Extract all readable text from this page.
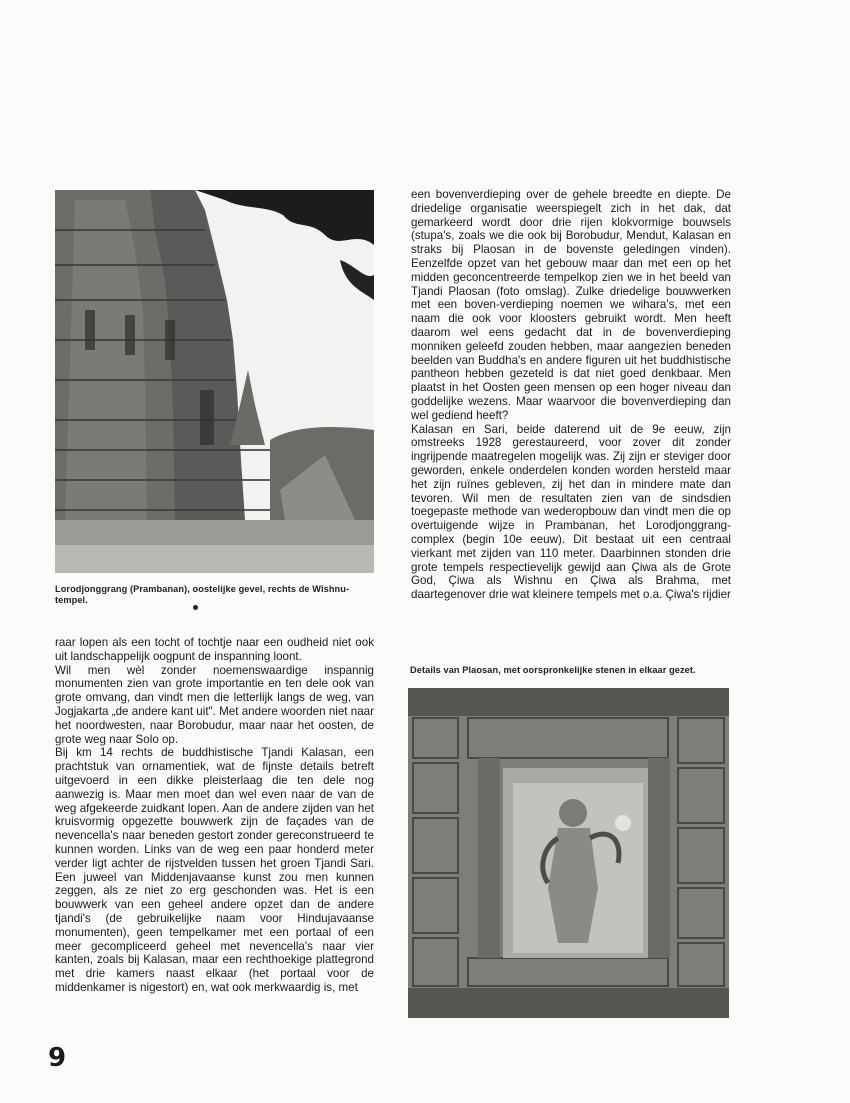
Lorodjonggrang (Prambanan), oostelijke gevel, rechts de Wishnu-tempel.

een bovenverdieping over de gehele breedte en diepte. De driedelige organisatie weerspiegelt zich in het dak, dat gemarkeerd wordt door drie rijen klokvormige bouwsels (stupa's, zoals we die ook bij Borobudur, Mendut, Kalasan en straks bij Plaosan in de bovenste geledingen vinden). Eenzelfde opzet van het gebouw maar dan met een op het midden geconcentreerde tempelkop zien we in het beeld van Tjandi Plaosan (foto omslag). Zulke driedelige bouwwerken met een boven-verdieping noemen we wihara's, met een naam die ook voor kloosters gebruikt wordt. Men heeft daarom wel eens gedacht dat in de bovenverdieping monniken geleefd zouden hebben, maar aangezien beneden beelden van Buddha's en andere figuren uit het buddhistische pantheon hebben gezeteld is dat niet goed denkbaar. Men plaatst in het Oosten geen mensen op een hoger niveau dan goddelijke wezens. Maar waarvoor die bovenverdieping dan wel gediend heeft?
Kalasan en Sari, beide daterend uit de 9e eeuw, zijn omstreeks 1928 gerestaureerd, voor zover dit zonder ingrijpende maatregelen mogelijk was. Zij zijn er steviger door geworden, enkele onderdelen konden worden hersteld maar het zijn ruïnes gebleven, zij het dan in mindere mate dan tevoren. Wil men de resultaten zien van de sindsdien toegepaste methode van wederopbouw dan vindt men die op overtuigende wijze in Prambanan, het Lorodjonggrang-complex (begin 10e eeuw). Dit bestaat uit een centraal vierkant met zijden van 110 meter. Daarbinnen stonden drie grote tempels respectievelijk gewijd aan Çiwa als de Grote God, Çiwa als Wishnu en Çiwa als Brahma, met daartegenover drie wat kleinere tempels met o.a. Çiwa's rijdier

Details van Plaosan, met oorspronkelijke stenen in elkaar gezet.

raar lopen als een tocht of tochtje naar een oudheid niet ook uit landschappelijk oogpunt de inspanning loont.
Wil men wèl zonder noemenswaardige inspannig monumenten zien van grote importantie en ten dele ook van grote omvang, dan vindt men die letterlijk langs de weg, van Jogjakarta „de andere kant uit". Met andere woorden niet naar het noordwesten, naar Borobudur, maar naar het oosten, de grote weg naar Solo op.
Bij km 14 rechts de buddhistische Tjandi Kalasan, een prachtstuk van ornamentiek, wat de fijnste details betreft uitgevoerd in een dikke pleisterlaag die ten dele nog aanwezig is. Maar men moet dan wel even naar de van de weg afgekeerde zuidkant lopen. Aan de andere zijden van het kruisvormig opgezette bouwwerk zijn de façades van de nevencella's naar beneden gestort zonder gereconstrueerd te kunnen worden. Links van de weg een paar honderd meter verder ligt achter de rijstvelden tussen het groen Tjandi Sari. Een juweel van Middenjavaanse kunst zou men kunnen zeggen, als ze niet zo erg geschonden was. Het is een bouwwerk van een geheel andere opzet dan de andere tjandi's (de gebruikelijke naam voor Hindujavaanse monumenten), geen tempelkamer met een portaal of een meer gecompliceerd geheel met nevencella's naar vier kanten, zoals bij Kalasan, maar een rechthoekige plattegrond met drie kamers naast elkaar (het portaal voor de middenkamer is nigestort) en, wat ook merkwaardig is, met

9
